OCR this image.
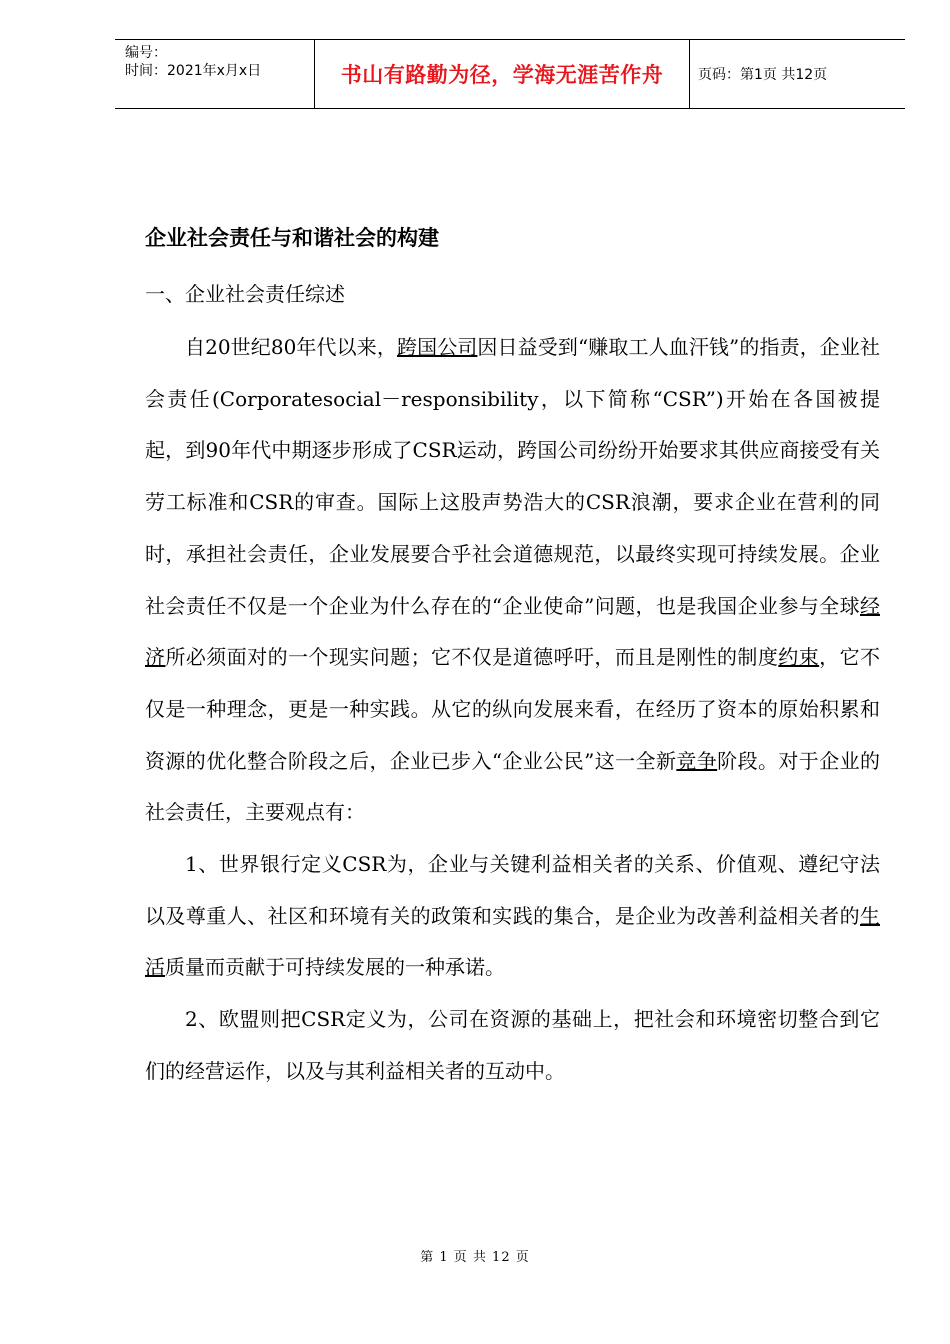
编号：
时间：2021年x月x日	书山有路勤为径，学海无涯苦作舟	页码：第1页 共12页
企业社会责任与和谐社会的构建
一、企业社会责任综述

自20世纪80年代以来，跨国公司因日益受到“赚取工人血汗钱”的指责，企业社会责任(Corporatesocial－responsibility，以下简称“CSR”)开始在各国被提起，到90年代中期逐步形成了CSR运动，跨国公司纷纷开始要求其供应商接受有关劳工标准和CSR的审查。国际上这股声势浩大的CSR浪潮，要求企业在营利的同时，承担社会责任，企业发展要合乎社会道德规范，以最终实现可持续发展。企业社会责任不仅是一个企业为什么存在的“企业使命”问题，也是我国企业参与全球经济所必须面对的一个现实问题；它不仅是道德呼吁，而且是刚性的制度约束，它不仅是一种理念，更是一种实践。从它的纵向发展来看，在经历了资本的原始积累和资源的优化整合阶段之后，企业已步入“企业公民”这一全新竞争阶段。对于企业的社会责任，主要观点有：

1、世界银行定义CSR为，企业与关键利益相关者的关系、价值观、遵纪守法以及尊重人、社区和环境有关的政策和实践的集合，是企业为改善利益相关者的生活质量而贡献于可持续发展的一种承诺。

2、欧盟则把CSR定义为，公司在资源的基础上，把社会和环境密切整合到它们的经营运作，以及与其利益相关者的互动中。

第 1 页 共 12 页
